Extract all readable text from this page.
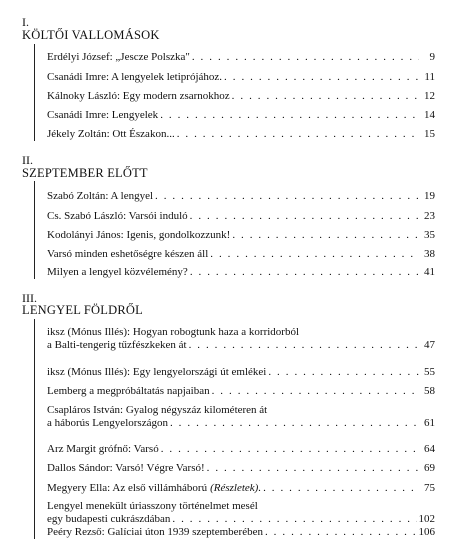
I.
KÖLTŐI VALLOMÁSOK
Erdélyi József: „Jescze Polszka" . . .	9
Csanádi Imre: A lengyelek letiprójához. . . .	11
Kálnoky László: Egy modern zsarnokhoz . . .	12
Csanádi Imre: Lengyelek . . .	14
Jékely Zoltán: Ott Északon... . . .	15
II.
SZEPTEMBER ELŐTT
Szabó Zoltán: A lengyel . . .	19
Cs. Szabó László: Varsói induló . . .	23
Kodolányi János: Igenis, gondolkozzunk! . . .	35
Varsó minden eshetőségre készen áll . . .	38
Milyen a lengyel közvélemény? . . .	41
III.
LENGYEL FÖLDRŐL
iksz (Mónus Illés): Hogyan robogtunk haza a korridorból
a Balti-tengerig tűzfészkeken át . . .	47
iksz (Mónus Illés): Egy lengyelországi út emlékei . . .	55
Lemberg a megpróbáltatás napjaiban . . .	58
Csapláros István: Gyalog négyszáz kilométeren át
a háborús Lengyelországon . . .	61
Arz Margit grófnő: Varsó . . .	64
Dallos Sándor: Varsó! Végre Varsó! . . .	69
Megyery Ella: Az első villámháború (Részletek). . . .	75
Lengyel menekült úriasszony történelmet mesél
egy budapesti cukrászdában . . .	102
Peéry Rezső: Galíciai úton 1939 szeptemberében . . .	106
